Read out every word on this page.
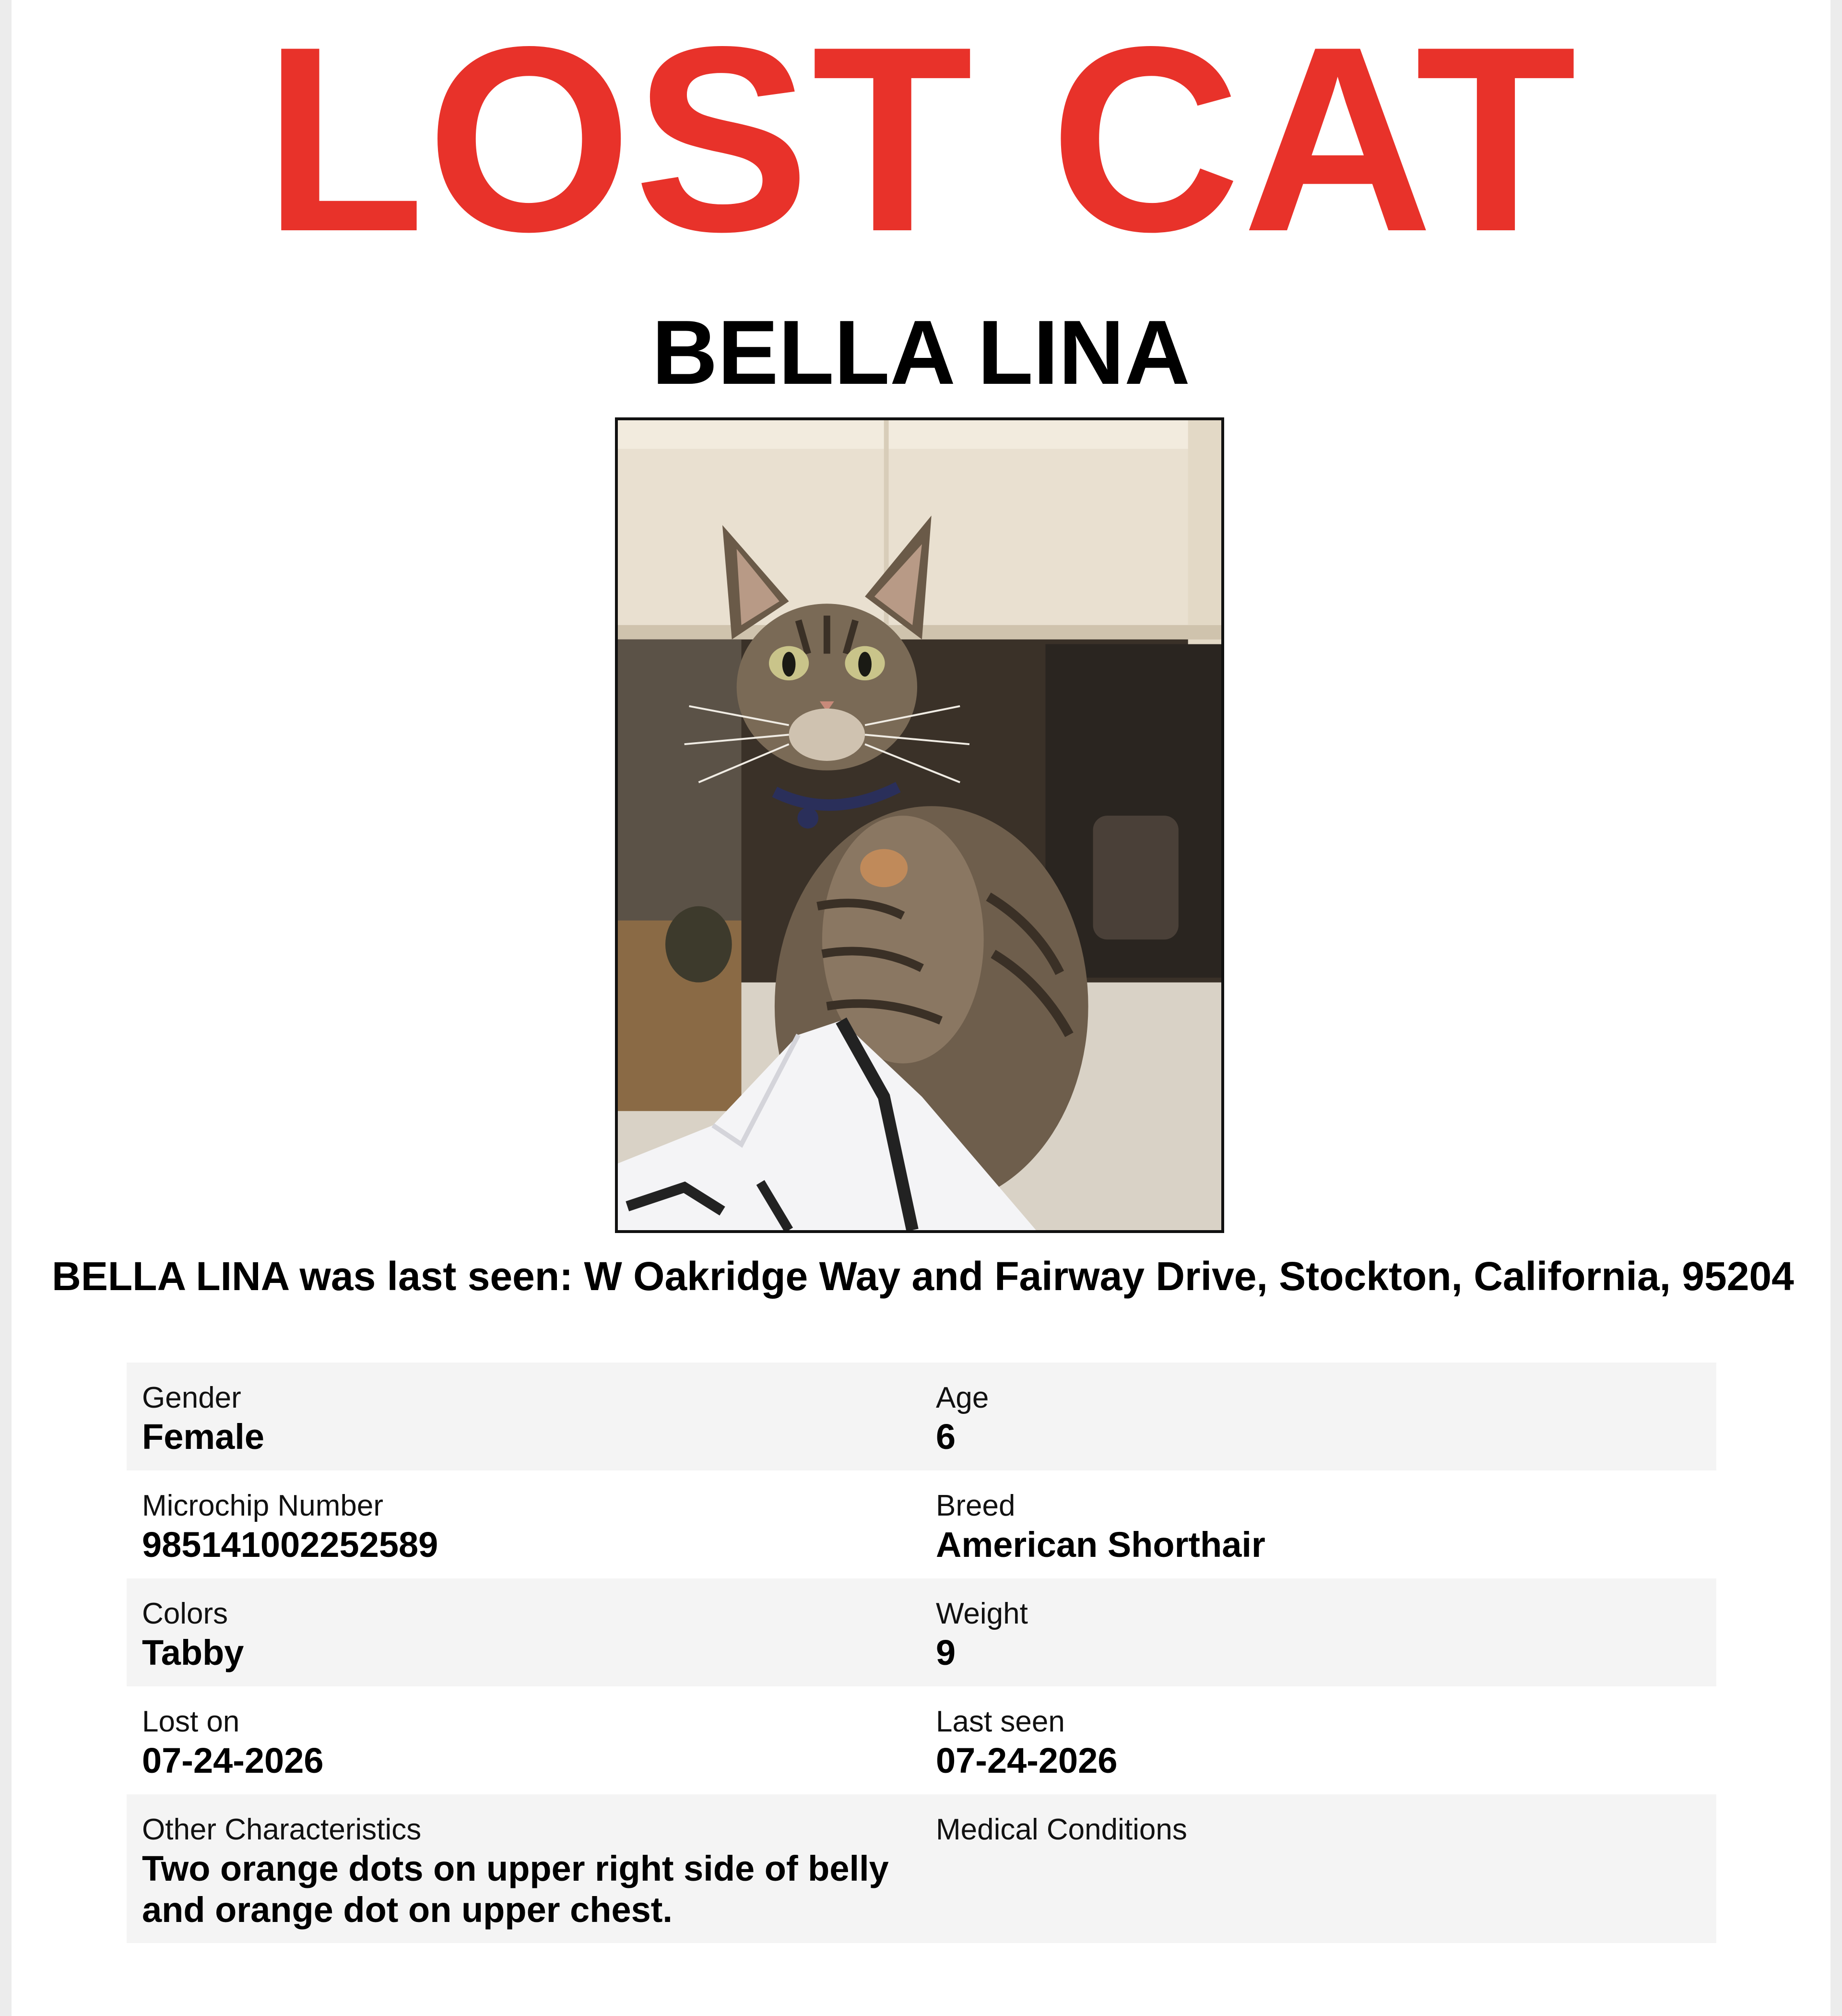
LOST CAT
BELLA LINA
BELLA LINA was last seen: W Oakridge Way and Fairway Drive, Stockton, California, 95204
Gender
Female
Age
6
Microchip Number
985141002252589
Breed
American Shorthair
Colors
Tabby
Weight
9
Lost on
07-24-2026
Last seen
07-24-2026
Other Characteristics
Two orange dots on upper right side of belly and orange dot on upper chest.
Medical Conditions
